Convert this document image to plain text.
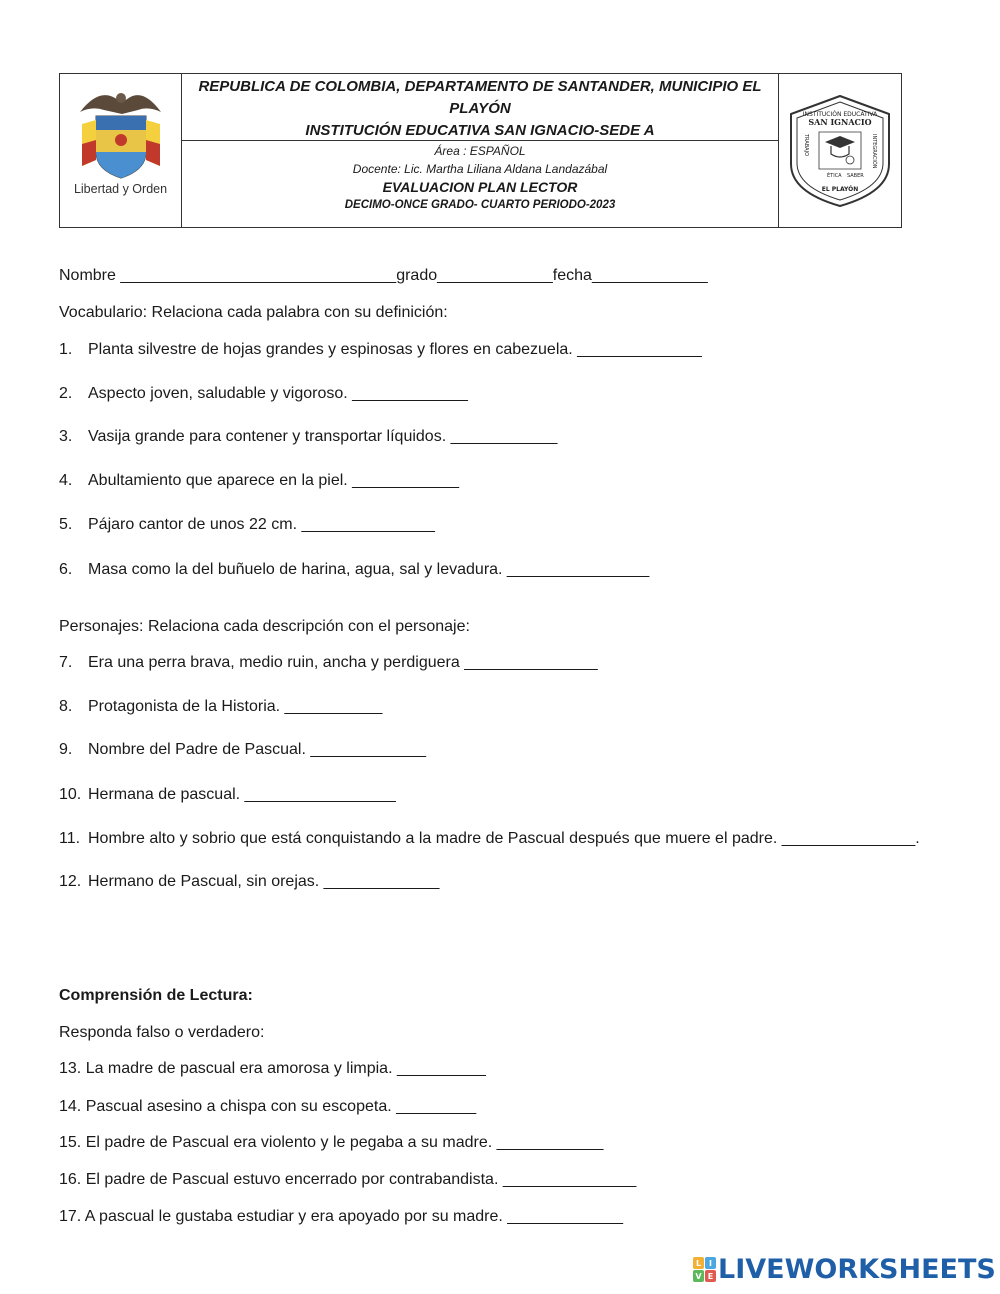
Libertad y Orden
REPUBLICA DE COLOMBIA, DEPARTAMENTO DE SANTANDER, MUNICIPIO EL
PLAYÓN
INSTITUCIÓN EDUCATIVA SAN IGNACIO-SEDE A
Área : ESPAÑOL
Docente: Lic. Martha Liliana Aldana Landazábal
EVALUACION PLAN LECTOR
DECIMO-ONCE GRADO- CUARTO PERIODO-2023
INSTITUCIÓN EDUCATIVA
SAN IGNACIO
TRABAJO	INTEGRACIÓN
ÉTICA SABER
EL PLAYÓN
Nombre _______________________________grado_____________fecha_____________
Vocabulario: Relaciona cada palabra con su definición:
1. Planta silvestre de hojas grandes y espinosas y flores en cabezuela. ______________
2. Aspecto joven, saludable y vigoroso. _____________
3. Vasija grande para contener y transportar líquidos. ____________
4. Abultamiento que aparece en la piel. ____________
5. Pájaro cantor de unos 22 cm. _______________
6. Masa como la del buñuelo de harina, agua, sal y levadura. ________________
Personajes: Relaciona cada descripción con el personaje:
7. Era una perra brava, medio ruin, ancha y perdiguera _______________
8. Protagonista de la Historia. ___________
9. Nombre del Padre de Pascual. _____________
10. Hermana de pascual. _________________
11. Hombre alto y sobrio que está conquistando a la madre de Pascual después que muere el padre. _______________.
12. Hermano de Pascual, sin orejas. _____________
Comprensión de Lectura:
Responda falso o verdadero:
13. La madre de pascual era amorosa y limpia. __________
14. Pascual asesino a chispa con su escopeta. _________
15. El padre de Pascual era violento y le pegaba a su madre. ____________
16. El padre de Pascual estuvo encerrado por contrabandista. _______________
17. A pascual le gustaba estudiar y era apoyado por su madre. _____________
L I
V E LIVEWORKSHEETS
